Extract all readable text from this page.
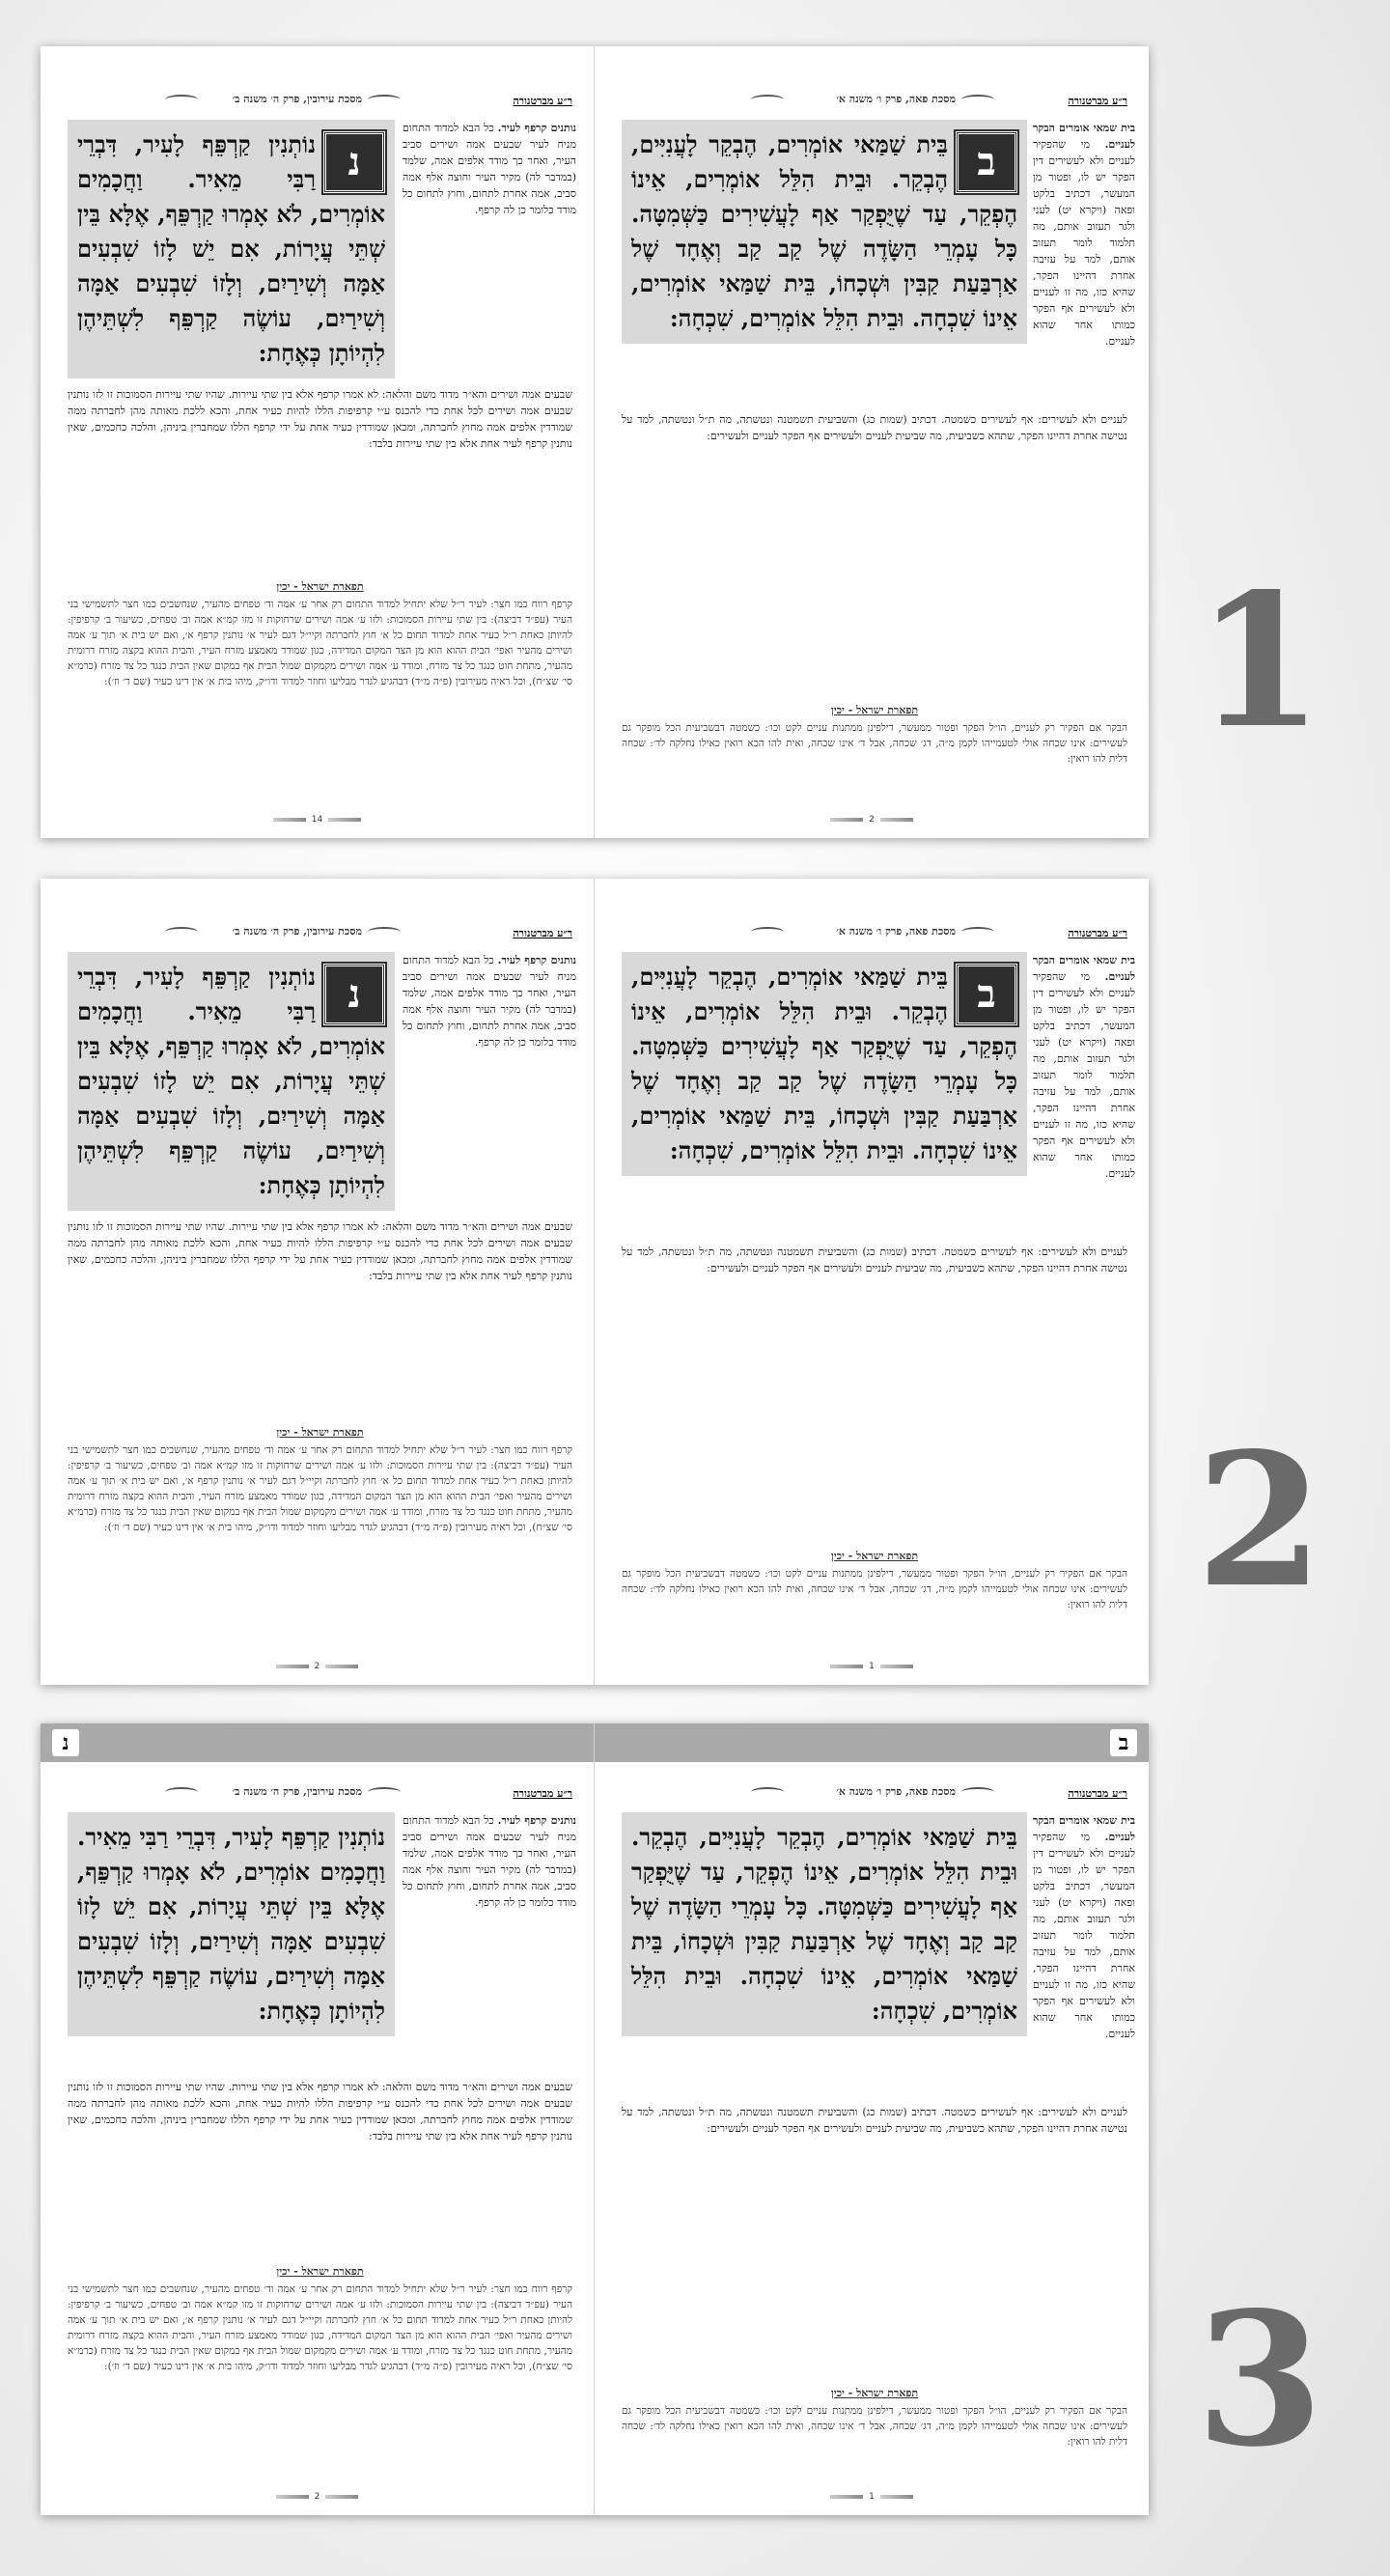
ר״ע מברטנורה
מסכת עירובין, פרק ה׳ משנה ב׳
נותנים קרפף לעיר. כל הבא למדוד התחום מניח לעיר שבעים אמה ושירים סביב העיר, ואחר כך מודד אלפים אמה, שלמד (במדבר לה) מקיר העיר וחוצה אלף אמה סביב, אמה אחרת לתחום, וחוץ לתחום כל מודד כלומר כן לה קרפף.
נ
נוֹתְנִין קַרְפֵּף לָעִיר, דִּבְרֵי רַבִּי מֵאִיר. וַחֲכָמִים אוֹמְרִים, לֹא אָמְרוּ קַרְפֵּף, אֶלָּא בֵּין שְׁתֵּי עֲיָרוֹת, אִם יֵשׁ לָזוֹ שִׁבְעִים אַמָּה וְשִׁירַיִם, וְלָזוֹ שִׁבְעִים אַמָּה וְשִׁירַיִם, עוֹשֶׂה קַרְפֵּף לִשְׁתֵּיהֶן לִהְיוֹתָן כְּאֶחָת:
שבעים אמה ושירים והא״ר מדוד משם והלאה: לא אמרו קרפף אלא בין שתי עיירות. שהיו שתי עיירות הסמוכות זו לזו נותנין שבעים אמה ושירים לכל אחת כדי להכנס ע״י קרפיפות הללו להיות כעיר אחת, והכא ללכת מאותה מהן לחברתה ממה שמודדין אלפים אמה מחוץ לחברתה, ומכאן שמודדין כעיר אחת על ידי קרפף הללו שמחברין ביניהן, והלכה כחכמים, שאין נותנין קרפף לעיר אחת אלא בין שתי עיירות בלבד:
תפארת ישראל - יכין
קרפף רווח כמו חצר: לעיר ר״ל שלא יתחיל למדוד התחום רק אחר ע׳ אמה וד׳ טפחים מהעיר, שנחשבים כמו חצר לתשמישי בני העיר (עפ״ד דביצה): בין שתי עיירות הסמוכות: ולזו ע׳ אמה ושירים שרחוקות זו מזו קמ״א אמה וב׳ טפחים, כשיעור ב׳ קרפיפין: להיותן כאחת ר״ל כעיר אחת למדוד תחום כל א׳ חוץ לחברתה וקיי״ל דגם לעיר א׳ נותנין קרפף א׳, ואם יש בית א׳ תוך ע׳ אמה ושירים מהעיר ואפי׳ הבית ההוא הוא מן הצד המקום המדידה, כגון שמודד מאמצע מזרח העיר, והבית ההוא בקצה מזרח דרומית מהעיר, מתחת חוט כנגד כל צד מזרח, ומודד ע׳ אמה ושירים מקמקום שמול הבית אף במקום שאין הבית כנגד כל צד מזרח (כרמ״א סי׳ שצ״ח), וכל ראיה מעירובין (פ״ה מ״ד) דבהגיע לגדר מבליעו וחוזר למדוד ודו״ק, מיהו בית א׳ אין דינו כעיר (שם ד׳ וז׳):
14
ר״ע מברטנורה
מסכת פאה, פרק ו׳ משנה א׳
בית שמאי אומרים הבקר לעניים. מי שהפקיר לעניים ולא לעשירים דין הפקר יש לו, ופטור מן המעשר, דכתיב בלקט ופאה (ויקרא יט) לעני ולגר תעזוב אותם, מה תלמוד לומר תעזוב אותם, למד על עזיבה אחרת דהיינו הפקר, שהיא כזו, מה זו לעניים ולא לעשירים אף הפקר כמותו אחר שהוא לעניים.
ב
בֵּית שַׁמַּאי אוֹמְרִים, הֶבְקֵר לָעֲנִיִּים, הֶבְקֵר. וּבֵית הִלֵּל אוֹמְרִים, אֵינוֹ הֶפְקֵר, עַד שֶׁיֻּפְקַר אַף לָעֲשִׁירִים כַּשְּׁמִטָּה. כָּל עָמְרֵי הַשָּׂדֶה שֶׁל קַב קַב וְאֶחָד שֶׁל אַרְבַּעַת קַבִּין וּשְׁכָחוֹ, בֵּית שַׁמַּאי אוֹמְרִים, אֵינוֹ שִׁכְחָה. וּבֵית הִלֵּל אוֹמְרִים, שִׁכְחָה:
לעניים ולא לעשירים: אף לעשירים כשמטה. דכתיב (שמות כג) והשביעית תשמטנה ונטשתה, מה ת״ל ונטשתה, למד על נטישה אחרת דהיינו הפקר, שתהא כשביעית, מה שביעית לעניים ולעשירים אף הפקר לעניים ולעשירים:
תפארת ישראל - יכין
הבקר אם הפקיר רק לעניים, הו״ל הפקר ופטור ממעשר, דילפינן ממתנות עניים לקט וכו׳: כשמטה דבשביעית הכל מופקר גם לעשירים: אינו שכחה אולי לטעמייהו לקמן מ״ה, דג׳ שכחה, אבל ד׳ אינו שכחה, ואית להו הכא רואין כאילו נחלקה לד׳: שכחה דלית להו רואין:
2
1
ר״ע מברטנורה
מסכת עירובין, פרק ה׳ משנה ב׳
נותנים קרפף לעיר. כל הבא למדוד התחום מניח לעיר שבעים אמה ושירים סביב העיר, ואחר כך מודד אלפים אמה, שלמד (במדבר לה) מקיר העיר וחוצה אלף אמה סביב, אמה אחרת לתחום, וחוץ לתחום כל מודד כלומר כן לה קרפף.
נ
נוֹתְנִין קַרְפֵּף לָעִיר, דִּבְרֵי רַבִּי מֵאִיר. וַחֲכָמִים אוֹמְרִים, לֹא אָמְרוּ קַרְפֵּף, אֶלָּא בֵּין שְׁתֵּי עֲיָרוֹת, אִם יֵשׁ לָזוֹ שִׁבְעִים אַמָּה וְשִׁירַיִם, וְלָזוֹ שִׁבְעִים אַמָּה וְשִׁירַיִם, עוֹשֶׂה קַרְפֵּף לִשְׁתֵּיהֶן לִהְיוֹתָן כְּאֶחָת:
שבעים אמה ושירים והא״ר מדוד משם והלאה: לא אמרו קרפף אלא בין שתי עיירות. שהיו שתי עיירות הסמוכות זו לזו נותנין שבעים אמה ושירים לכל אחת כדי להכנס ע״י קרפיפות הללו להיות כעיר אחת, והכא ללכת מאותה מהן לחברתה ממה שמודדין אלפים אמה מחוץ לחברתה, ומכאן שמודדין כעיר אחת על ידי קרפף הללו שמחברין ביניהן, והלכה כחכמים, שאין נותנין קרפף לעיר אחת אלא בין שתי עיירות בלבד:
תפארת ישראל - יכין
קרפף רווח כמו חצר: לעיר ר״ל שלא יתחיל למדוד התחום רק אחר ע׳ אמה וד׳ טפחים מהעיר, שנחשבים כמו חצר לתשמישי בני העיר (עפ״ד דביצה): בין שתי עיירות הסמוכות: ולזו ע׳ אמה ושירים שרחוקות זו מזו קמ״א אמה וב׳ טפחים, כשיעור ב׳ קרפיפין: להיותן כאחת ר״ל כעיר אחת למדוד תחום כל א׳ חוץ לחברתה וקיי״ל דגם לעיר א׳ נותנין קרפף א׳, ואם יש בית א׳ תוך ע׳ אמה ושירים מהעיר ואפי׳ הבית ההוא הוא מן הצד המקום המדידה, כגון שמודד מאמצע מזרח העיר, והבית ההוא בקצה מזרח דרומית מהעיר, מתחת חוט כנגד כל צד מזרח, ומודד ע׳ אמה ושירים מקמקום שמול הבית אף במקום שאין הבית כנגד כל צד מזרח (כרמ״א סי׳ שצ״ח), וכל ראיה מעירובין (פ״ה מ״ד) דבהגיע לגדר מבליעו וחוזר למדוד ודו״ק, מיהו בית א׳ אין דינו כעיר (שם ד׳ וז׳):
2
ר״ע מברטנורה
מסכת פאה, פרק ו׳ משנה א׳
בית שמאי אומרים הבקר לעניים. מי שהפקיר לעניים ולא לעשירים דין הפקר יש לו, ופטור מן המעשר, דכתיב בלקט ופאה (ויקרא יט) לעני ולגר תעזוב אותם, מה תלמוד לומר תעזוב אותם, למד על עזיבה אחרת דהיינו הפקר, שהיא כזו, מה זו לעניים ולא לעשירים אף הפקר כמותו אחר שהוא לעניים.
ב
בֵּית שַׁמַּאי אוֹמְרִים, הֶבְקֵר לָעֲנִיִּים, הֶבְקֵר. וּבֵית הִלֵּל אוֹמְרִים, אֵינוֹ הֶפְקֵר, עַד שֶׁיֻּפְקַר אַף לָעֲשִׁירִים כַּשְּׁמִטָּה. כָּל עָמְרֵי הַשָּׂדֶה שֶׁל קַב קַב וְאֶחָד שֶׁל אַרְבַּעַת קַבִּין וּשְׁכָחוֹ, בֵּית שַׁמַּאי אוֹמְרִים, אֵינוֹ שִׁכְחָה. וּבֵית הִלֵּל אוֹמְרִים, שִׁכְחָה:
לעניים ולא לעשירים: אף לעשירים כשמטה. דכתיב (שמות כג) והשביעית תשמטנה ונטשתה, מה ת״ל ונטשתה, למד על נטישה אחרת דהיינו הפקר, שתהא כשביעית, מה שביעית לעניים ולעשירים אף הפקר לעניים ולעשירים:
תפארת ישראל - יכין
הבקר אם הפקיר רק לעניים, הו״ל הפקר ופטור ממעשר, דילפינן ממתנות עניים לקט וכו׳: כשמטה דבשביעית הכל מופקר גם לעשירים: אינו שכחה אולי לטעמייהו לקמן מ״ה, דג׳ שכחה, אבל ד׳ אינו שכחה, ואית להו הכא רואין כאילו נחלקה לד׳: שכחה דלית להו רואין:
1
2
נ
ר״ע מברטנורה
מסכת עירובין, פרק ה׳ משנה ב׳
נותנים קרפף לעיר. כל הבא למדוד התחום מניח לעיר שבעים אמה ושירים סביב העיר, ואחר כך מודד אלפים אמה, שלמד (במדבר לה) מקיר העיר וחוצה אלף אמה סביב, אמה אחרת לתחום, וחוץ לתחום כל מודד כלומר כן לה קרפף.
נוֹתְנִין קַרְפֵּף לָעִיר, דִּבְרֵי רַבִּי מֵאִיר. וַחֲכָמִים אוֹמְרִים, לֹא אָמְרוּ קַרְפֵּף, אֶלָּא בֵּין שְׁתֵּי עֲיָרוֹת, אִם יֵשׁ לָזוֹ שִׁבְעִים אַמָּה וְשִׁירַיִם, וְלָזוֹ שִׁבְעִים אַמָּה וְשִׁירַיִם, עוֹשֶׂה קַרְפֵּף לִשְׁתֵּיהֶן לִהְיוֹתָן כְּאֶחָת:
שבעים אמה ושירים והא״ר מדוד משם והלאה: לא אמרו קרפף אלא בין שתי עיירות. שהיו שתי עיירות הסמוכות זו לזו נותנין שבעים אמה ושירים לכל אחת כדי להכנס ע״י קרפיפות הללו להיות כעיר אחת, והכא ללכת מאותה מהן לחברתה ממה שמודדין אלפים אמה מחוץ לחברתה, ומכאן שמודדין כעיר אחת על ידי קרפף הללו שמחברין ביניהן, והלכה כחכמים, שאין נותנין קרפף לעיר אחת אלא בין שתי עיירות בלבד:
תפארת ישראל - יכין
קרפף רווח כמו חצר: לעיר ר״ל שלא יתחיל למדוד התחום רק אחר ע׳ אמה וד׳ טפחים מהעיר, שנחשבים כמו חצר לתשמישי בני העיר (עפ״ד דביצה): בין שתי עיירות הסמוכות: ולזו ע׳ אמה ושירים שרחוקות זו מזו קמ״א אמה וב׳ טפחים, כשיעור ב׳ קרפיפין: להיותן כאחת ר״ל כעיר אחת למדוד תחום כל א׳ חוץ לחברתה וקיי״ל דגם לעיר א׳ נותנין קרפף א׳, ואם יש בית א׳ תוך ע׳ אמה ושירים מהעיר ואפי׳ הבית ההוא הוא מן הצד המקום המדידה, כגון שמודד מאמצע מזרח העיר, והבית ההוא בקצה מזרח דרומית מהעיר, מתחת חוט כנגד כל צד מזרח, ומודד ע׳ אמה ושירים מקמקום שמול הבית אף במקום שאין הבית כנגד כל צד מזרח (כרמ״א סי׳ שצ״ח), וכל ראיה מעירובין (פ״ה מ״ד) דבהגיע לגדר מבליעו וחוזר למדוד ודו״ק, מיהו בית א׳ אין דינו כעיר (שם ד׳ וז׳):
2
ב
ר״ע מברטנורה
מסכת פאה, פרק ו׳ משנה א׳
בית שמאי אומרים הבקר לעניים. מי שהפקיר לעניים ולא לעשירים דין הפקר יש לו, ופטור מן המעשר, דכתיב בלקט ופאה (ויקרא יט) לעני ולגר תעזוב אותם, מה תלמוד לומר תעזוב אותם, למד על עזיבה אחרת דהיינו הפקר, שהיא כזו, מה זו לעניים ולא לעשירים אף הפקר כמותו אחר שהוא לעניים.
בֵּית שַׁמַּאי אוֹמְרִים, הֶבְקֵר לָעֲנִיִּים, הֶבְקֵר. וּבֵית הִלֵּל אוֹמְרִים, אֵינוֹ הֶפְקֵר, עַד שֶׁיֻּפְקַר אַף לָעֲשִׁירִים כַּשְּׁמִטָּה. כָּל עָמְרֵי הַשָּׂדֶה שֶׁל קַב קַב וְאֶחָד שֶׁל אַרְבַּעַת קַבִּין וּשְׁכָחוֹ, בֵּית שַׁמַּאי אוֹמְרִים, אֵינוֹ שִׁכְחָה. וּבֵית הִלֵּל אוֹמְרִים, שִׁכְחָה:
לעניים ולא לעשירים: אף לעשירים כשמטה. דכתיב (שמות כג) והשביעית תשמטנה ונטשתה, מה ת״ל ונטשתה, למד על נטישה אחרת דהיינו הפקר, שתהא כשביעית, מה שביעית לעניים ולעשירים אף הפקר לעניים ולעשירים:
תפארת ישראל - יכין
הבקר אם הפקיר רק לעניים, הו״ל הפקר ופטור ממעשר, דילפינן ממתנות עניים לקט וכו׳: כשמטה דבשביעית הכל מופקר גם לעשירים: אינו שכחה אולי לטעמייהו לקמן מ״ה, דג׳ שכחה, אבל ד׳ אינו שכחה, ואית להו הכא רואין כאילו נחלקה לד׳: שכחה דלית להו רואין:
1
3
